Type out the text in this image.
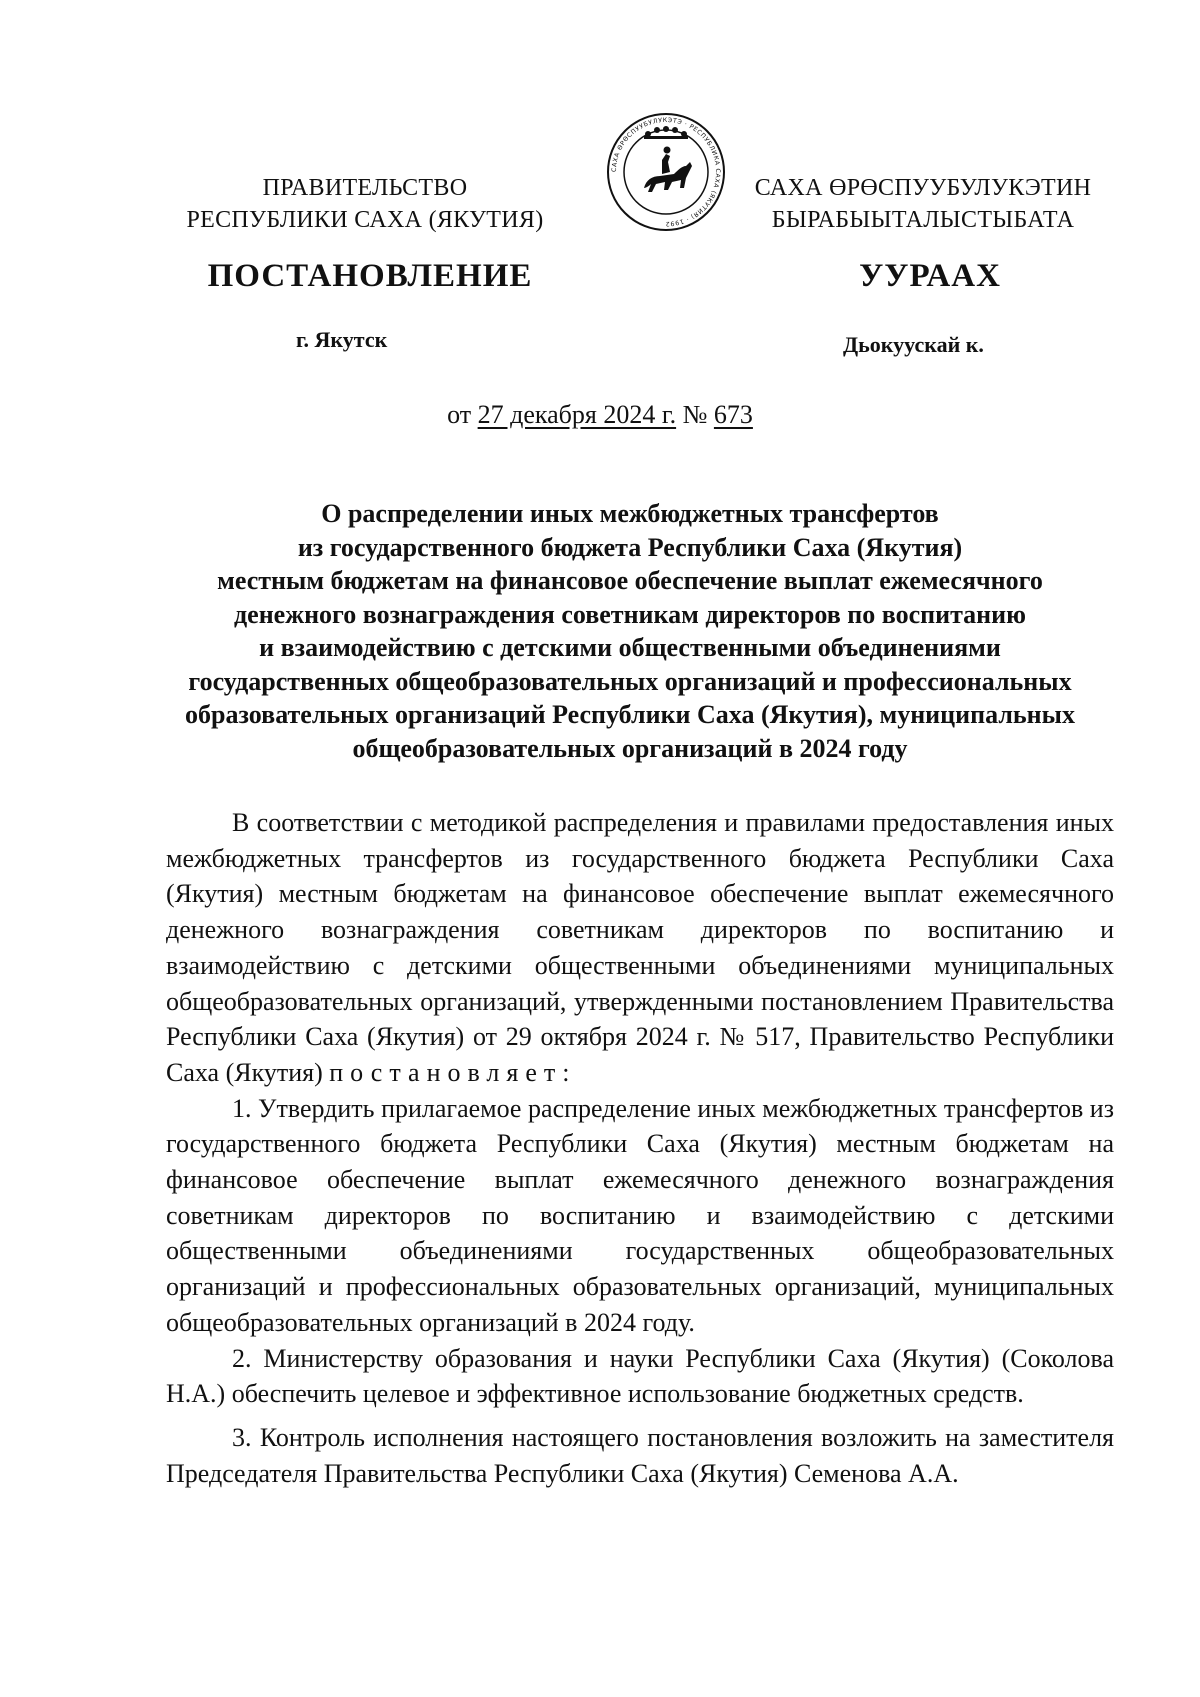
ПРАВИТЕЛЬСТВО
РЕСПУБЛИКИ САХА (ЯКУТИЯ)
САХА ӨРӨСПУУБУЛУКЭТЭ · РЕСПУБЛИКА САХА (ЯКУТИЯ) · 1992
САХА ӨРӨСПУУБУЛУКЭТИН
БЫРАБЫЫТАЛЫСТЫБАТА
ПОСТАНОВЛЕНИЕ	УУРААХ
г. Якутск	Дьокуускай к.
от 27 декабря 2024 г. № 673
О распределении иных межбюджетных трансфертов
из государственного бюджета Республики Саха (Якутия)
местным бюджетам на финансовое обеспечение выплат ежемесячного
денежного вознаграждения советникам директоров по воспитанию
и взаимодействию с детскими общественными объединениями
государственных общеобразовательных организаций и профессиональных
образовательных организаций Республики Саха (Якутия), муниципальных
общеобразовательных организаций в 2024 году

В соответствии с методикой распределения и правилами предоставления иных межбюджетных трансфертов из государственного бюджета Республики Саха (Якутия) местным бюджетам на финансовое обеспечение выплат ежемесячного денежного вознаграждения советникам директоров по воспитанию и взаимодействию с детскими общественными объединениями муниципальных общеобразовательных организаций, утвержденными постановлением Правительства Республики Саха (Якутия) от 29 октября 2024 г. № 517, Правительство Республики Саха (Якутия) постановляет:

1. Утвердить прилагаемое распределение иных межбюджетных трансфертов из государственного бюджета Республики Саха (Якутия) местным бюджетам на финансовое обеспечение выплат ежемесячного денежного вознаграждения советникам директоров по воспитанию и взаимодействию с детскими общественными объединениями государственных общеобразовательных организаций и профессиональных образовательных организаций, муниципальных общеобразовательных организаций в 2024 году.

2. Министерству образования и науки Республики Саха (Якутия) (Соколова Н.А.) обеспечить целевое и эффективное использование бюджетных средств.

3. Контроль исполнения настоящего постановления возложить на заместителя Председателя Правительства Республики Саха (Якутия) Семенова А.А.
